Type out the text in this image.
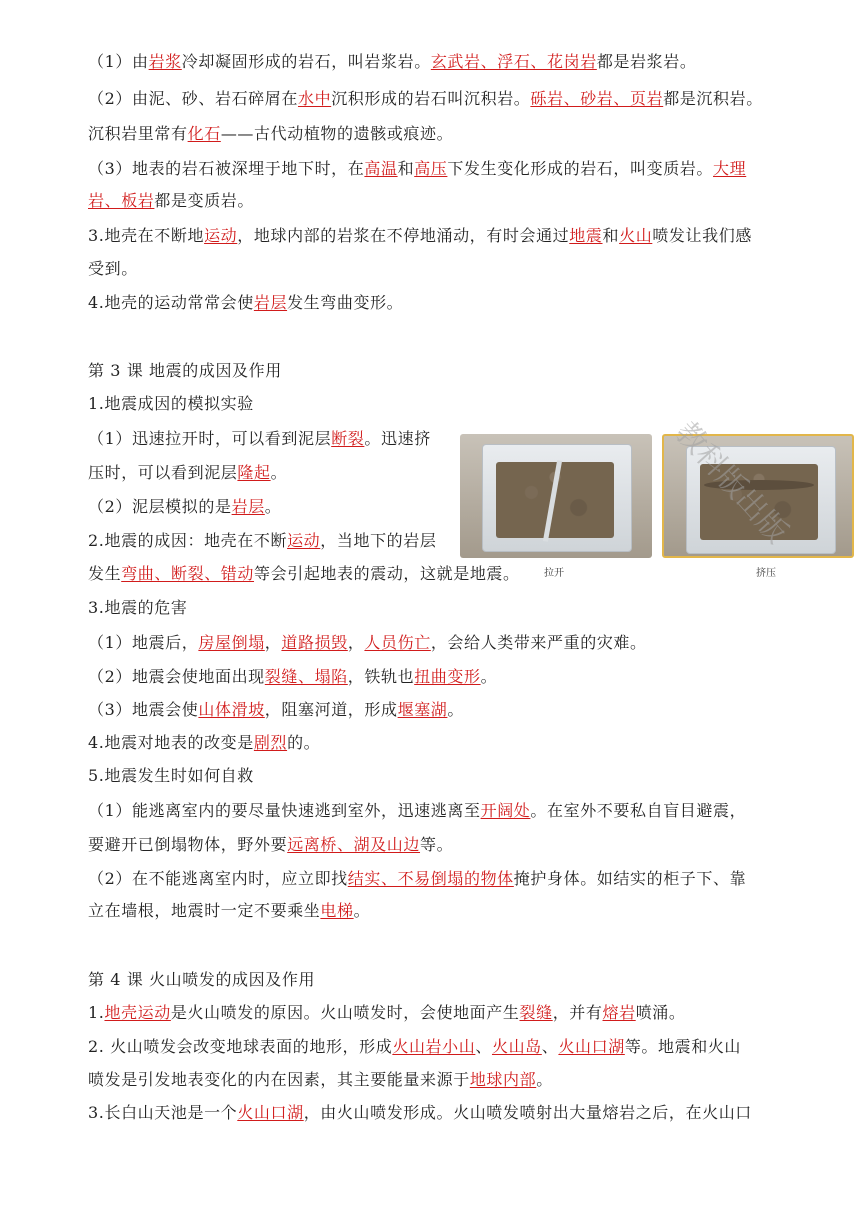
（1）由岩浆冷却凝固形成的岩石，叫岩浆岩。玄武岩、浮石、花岗岩都是岩浆岩。
（2）由泥、砂、岩石碎屑在水中沉积形成的岩石叫沉积岩。砾岩、砂岩、页岩都是沉积岩。
沉积岩里常有化石——古代动植物的遗骸或痕迹。
（3）地表的岩石被深埋于地下时，在高温和高压下发生变化形成的岩石，叫变质岩。大理
岩、板岩都是变质岩。
3.地壳在不断地运动，地球内部的岩浆在不停地涌动，有时会通过地震和火山喷发让我们感
受到。
4.地壳的运动常常会使岩层发生弯曲变形。
第 3 课 地震的成因及作用
1.地震成因的模拟实验
（1）迅速拉开时，可以看到泥层断裂。迅速挤
压时，可以看到泥层隆起。
（2）泥层模拟的是岩层。
2.地震的成因：地壳在不断运动，当地下的岩层
发生弯曲、断裂、错动等会引起地表的震动，这就是地震。
3.地震的危害
（1）地震后，房屋倒塌，道路损毁，人员伤亡，会给人类带来严重的灾难。
（2）地震会使地面出现裂缝、塌陷，铁轨也扭曲变形。
（3）地震会使山体滑坡，阻塞河道，形成堰塞湖。
4.地震对地表的改变是剧烈的。
5.地震发生时如何自救
（1）能逃离室内的要尽量快速逃到室外，迅速逃离至开阔处。在室外不要私自盲目避震，
要避开已倒塌物体，野外要远离桥、湖及山边等。
（2）在不能逃离室内时，应立即找结实、不易倒塌的物体掩护身体。如结实的柜子下、靠
立在墙根，地震时一定不要乘坐电梯。
第 4 课 火山喷发的成因及作用
1.地壳运动是火山喷发的原因。火山喷发时，会使地面产生裂缝，并有熔岩喷涌。
2. 火山喷发会改变地球表面的地形，形成火山岩小山、火山岛、火山口湖等。地震和火山
喷发是引发地表变化的内在因素，其主要能量来源于地球内部。
3.长白山天池是一个火山口湖，由火山喷发形成。火山喷发喷射出大量熔岩之后，在火山口
拉开	挤压
教科版出版
